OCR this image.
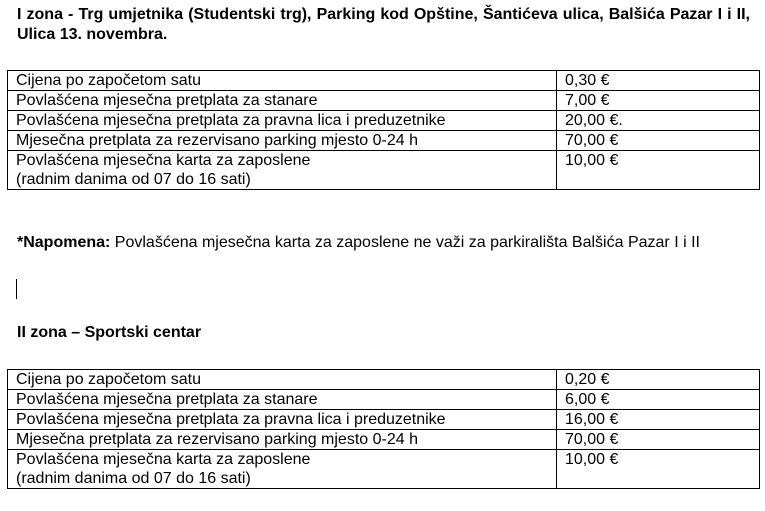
I zona - Trg umjetnika (Studentski trg), Parking kod Opštine, Šantićeva ulica, Balšića Pazar I i II, Ulica 13. novembra.

Cijena po započetom satu	0,30 €
Povlašćena mjesečna pretplata za stanare	7,00 €
Povlašćena mjesečna pretplata za pravna lica i preduzetnike	20,00 €.
Mjesečna pretplata za rezervisano parking mjesto 0-24 h	70,00 €
Povlašćena mjesečna karta za zaposlene
(radnim danima od 07 do 16 sati)	10,00 €

*Napomena: Povlašćena mjesečna karta za zaposlene ne važi za parkirališta Balšića Pazar I i II

II zona – Sportski centar

Cijena po započetom satu	0,20 €
Povlašćena mjesečna pretplata za stanare	6,00 €
Povlašćena mjesečna pretplata za pravna lica i preduzetnike	16,00 €
Mjesečna pretplata za rezervisano parking mjesto 0-24 h	70,00 €
Povlašćena mjesečna karta za zaposlene
(radnim danima od 07 do 16 sati)	10,00 €
